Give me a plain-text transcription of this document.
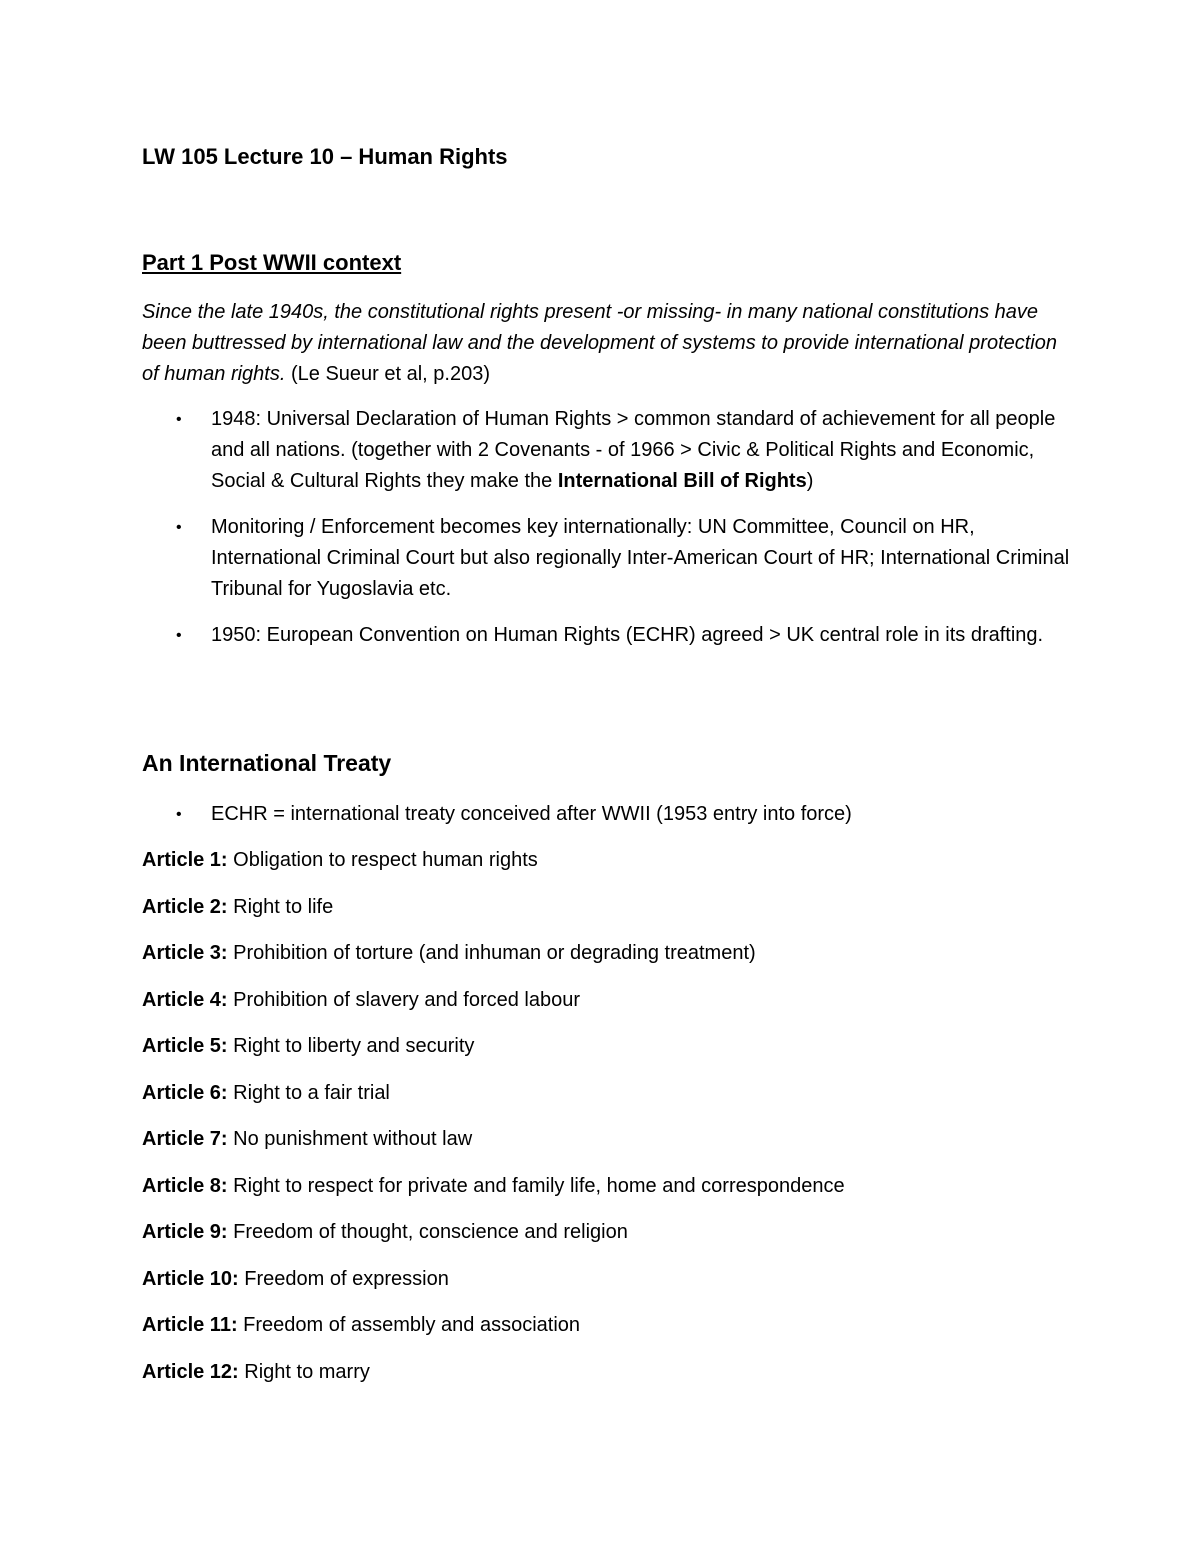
LW 105 Lecture 10 – Human Rights
Part 1 Post WWII context
Since the late 1940s, the constitutional rights present -or missing- in many national constitutions have been buttressed by international law and the development of systems to provide international protection of human rights. (Le Sueur et al, p.203)
• 1948: Universal Declaration of Human Rights > common standard of achievement for all people and all nations. (together with 2 Covenants - of 1966 > Civic & Political Rights and Economic, Social & Cultural Rights they make the International Bill of Rights)
• Monitoring / Enforcement becomes key internationally: UN Committee, Council on HR, International Criminal Court but also regionally Inter-American Court of HR; International Criminal Tribunal for Yugoslavia etc.
• 1950: European Convention on Human Rights (ECHR) agreed > UK central role in its drafting.
An International Treaty
• ECHR = international treaty conceived after WWII (1953 entry into force)
Article 1: Obligation to respect human rights
Article 2: Right to life
Article 3: Prohibition of torture (and inhuman or degrading treatment)
Article 4: Prohibition of slavery and forced labour
Article 5: Right to liberty and security
Article 6: Right to a fair trial
Article 7: No punishment without law
Article 8: Right to respect for private and family life, home and correspondence
Article 9: Freedom of thought, conscience and religion
Article 10: Freedom of expression
Article 11: Freedom of assembly and association
Article 12: Right to marry
